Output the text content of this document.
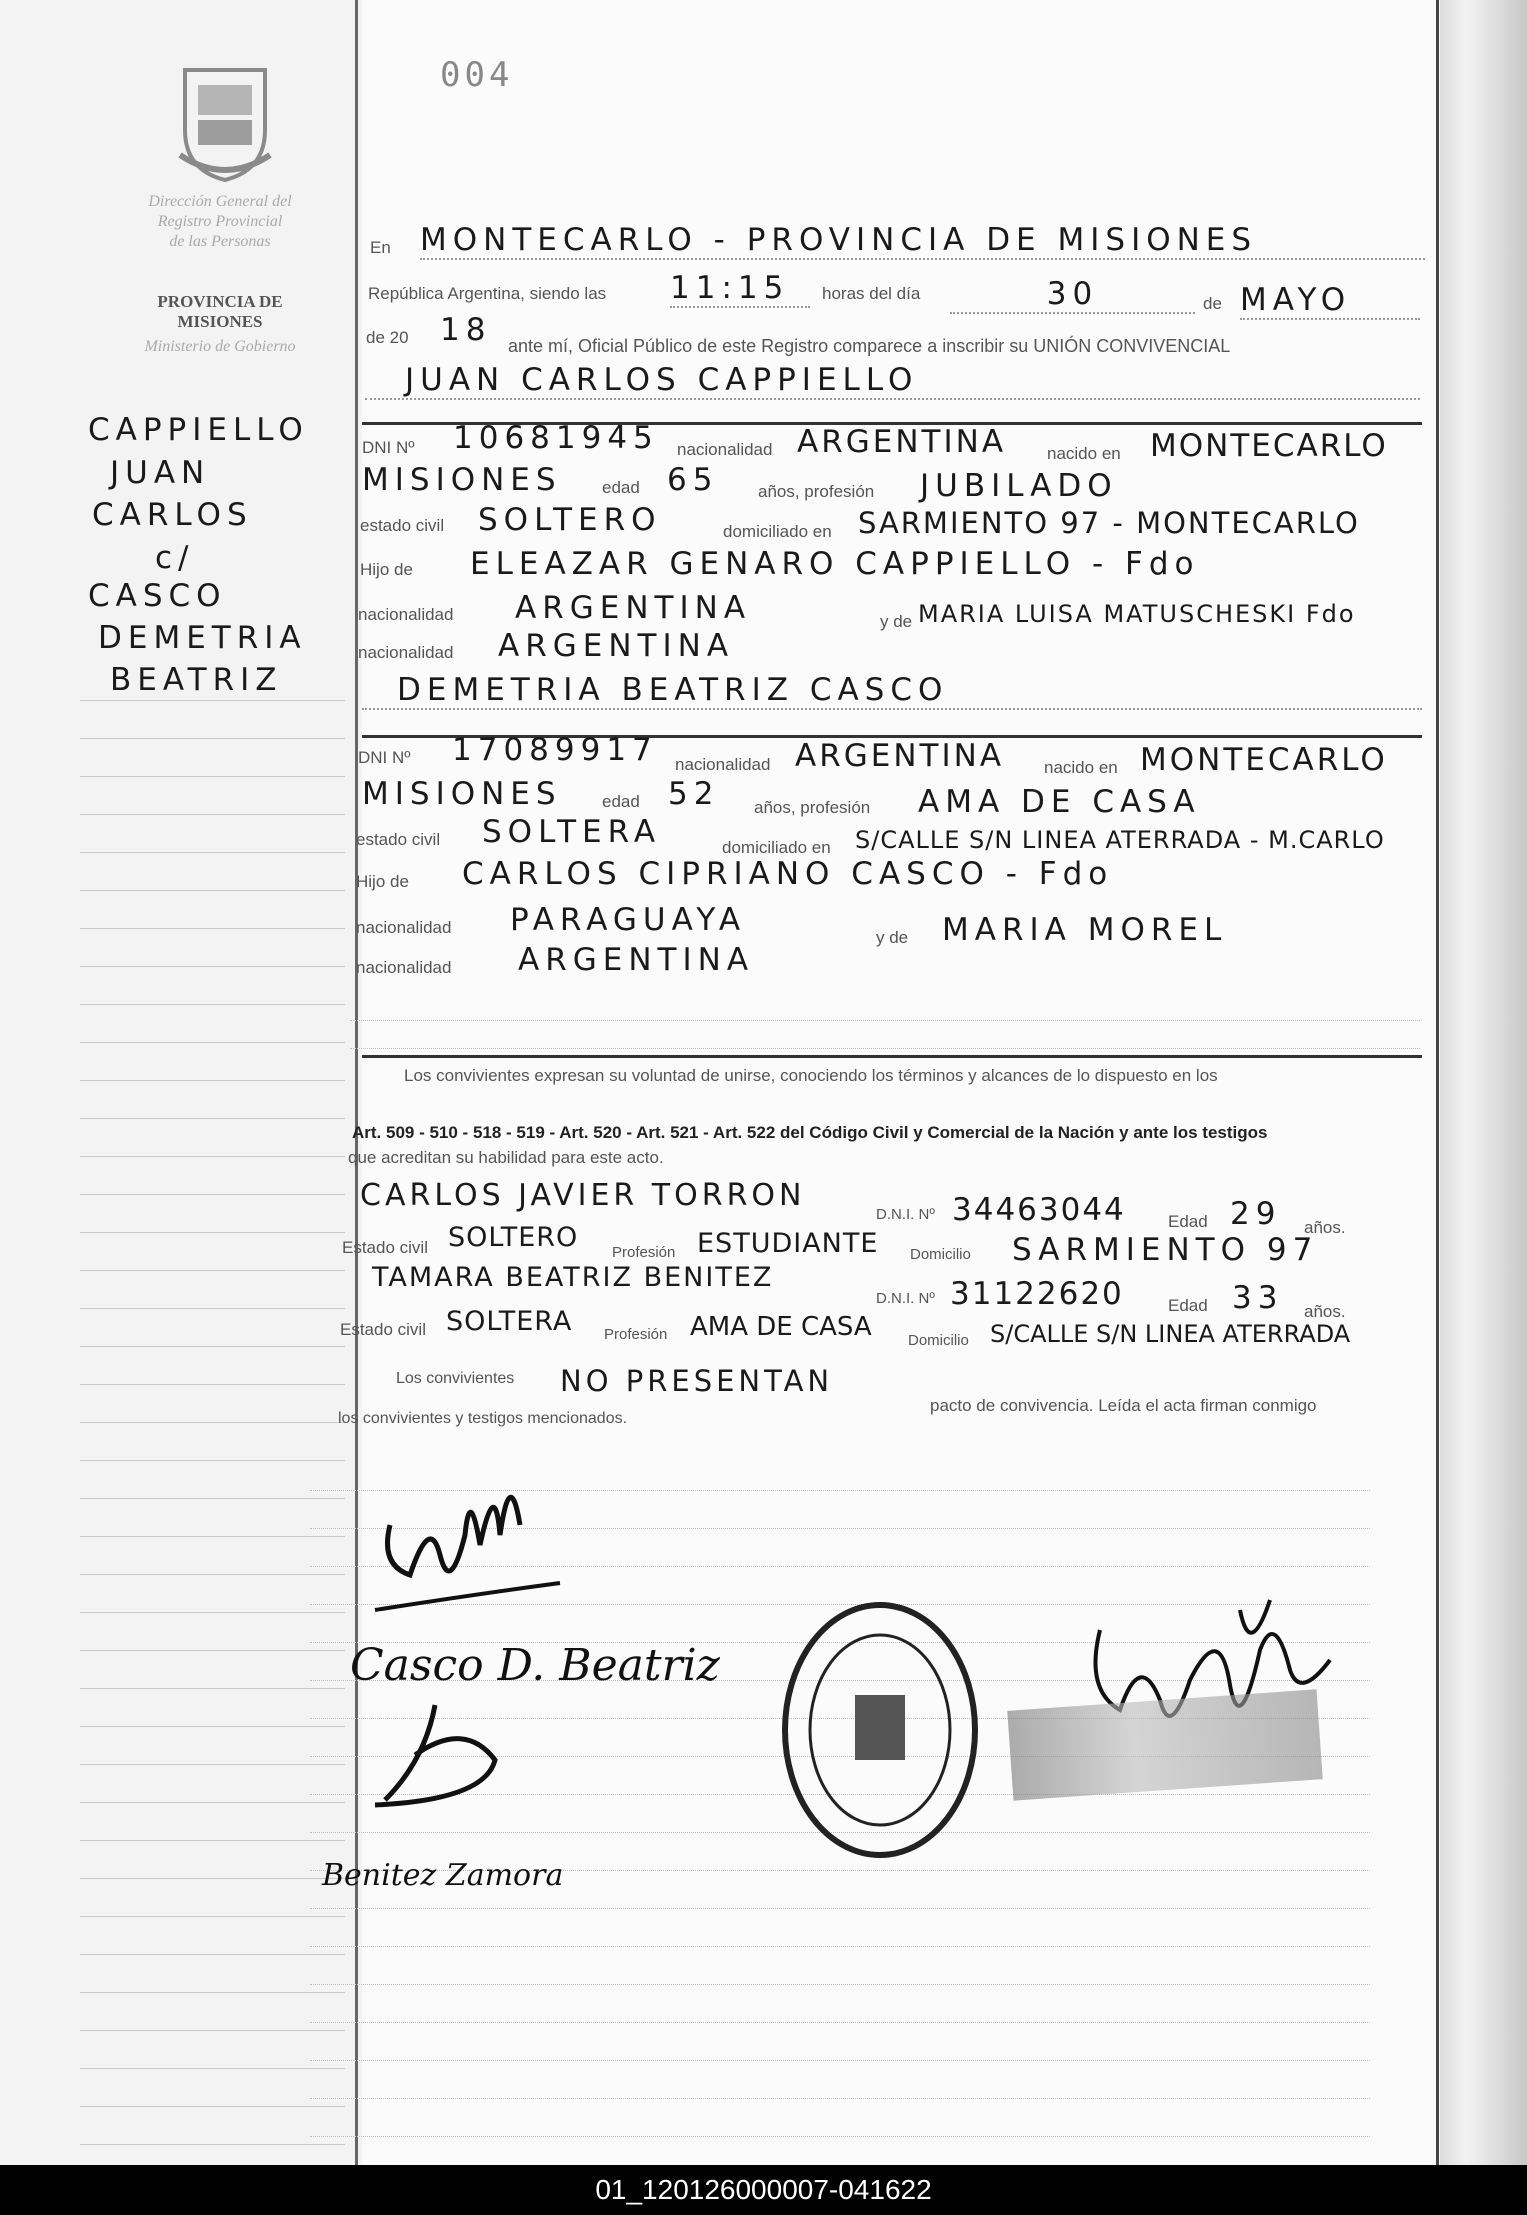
004
Dirección General del
Registro Provincial
de las Personas
PROVINCIA DE
MISIONES
Ministerio de Gobierno
CAPPIELLO
JUAN
CARLOS
c/
CASCO
DEMETRIA
BEATRIZ
En MONTECARLO - PROVINCIA DE MISIONES
República Argentina, siendo las 11:15	horas del día	30	de MAYO
de 20 18 ante mí, Oficial Público de este Registro comparece a inscribir su UNIÓN CONVIVENCIAL
JUAN CARLOS CAPPIELLO
DNI Nº 10681945 nacionalidad ARGENTINA nacido en MONTECARLO
MISIONES edad 65 años, profesión JUBILADO
estado civil SOLTERO	domiciliado en SARMIENTO 97 - MONTECARLO
Hijo de ELEAZAR GENARO CAPPIELLO - Fdo
nacionalidad ARGENTINA	y de MARIA LUISA MATUSCHESKI Fdo
nacionalidad ARGENTINA
DEMETRIA BEATRIZ CASCO
DNI Nº 17089917 nacionalidad ARGENTINA nacido en MONTECARLO
MISIONES edad 52 años, profesión AMA DE CASA
estado civil SOLTERA	domiciliado en S/CALLE S/N LINEA ATERRADA - M.CARLO
Hijo de CARLOS CIPRIANO CASCO - Fdo
nacionalidad PARAGUAYA	y de MARIA MOREL
nacionalidad ARGENTINA
Los convivientes expresan su voluntad de unirse, conociendo los términos y alcances de lo dispuesto en los
Art. 509 - 510 - 518 - 519 - Art. 520 - Art. 521 - Art. 522 del Código Civil y Comercial de la Nación y ante los testigos
que acreditan su habilidad para este acto.
CARLOS JAVIER TORRON
D.N.I. Nº 34463044 Edad 29 años.
Estado civil SOLTERO Profesión ESTUDIANTE Domicilio SARMIENTO 97
TAMARA BEATRIZ BENITEZ
D.N.I. Nº 31122620	Edad 33 años.
Estado civil SOLTERA Profesión AMA DE CASA Domicilio S/CALLE S/N LINEA ATERRADA
Los convivientes NO PRESENTAN
pacto de convivencia. Leída el acta firman conmigo
los convivientes y testigos mencionados.
Casco D. Beatriz
Benitez Zamora
01_120126000007-041622
